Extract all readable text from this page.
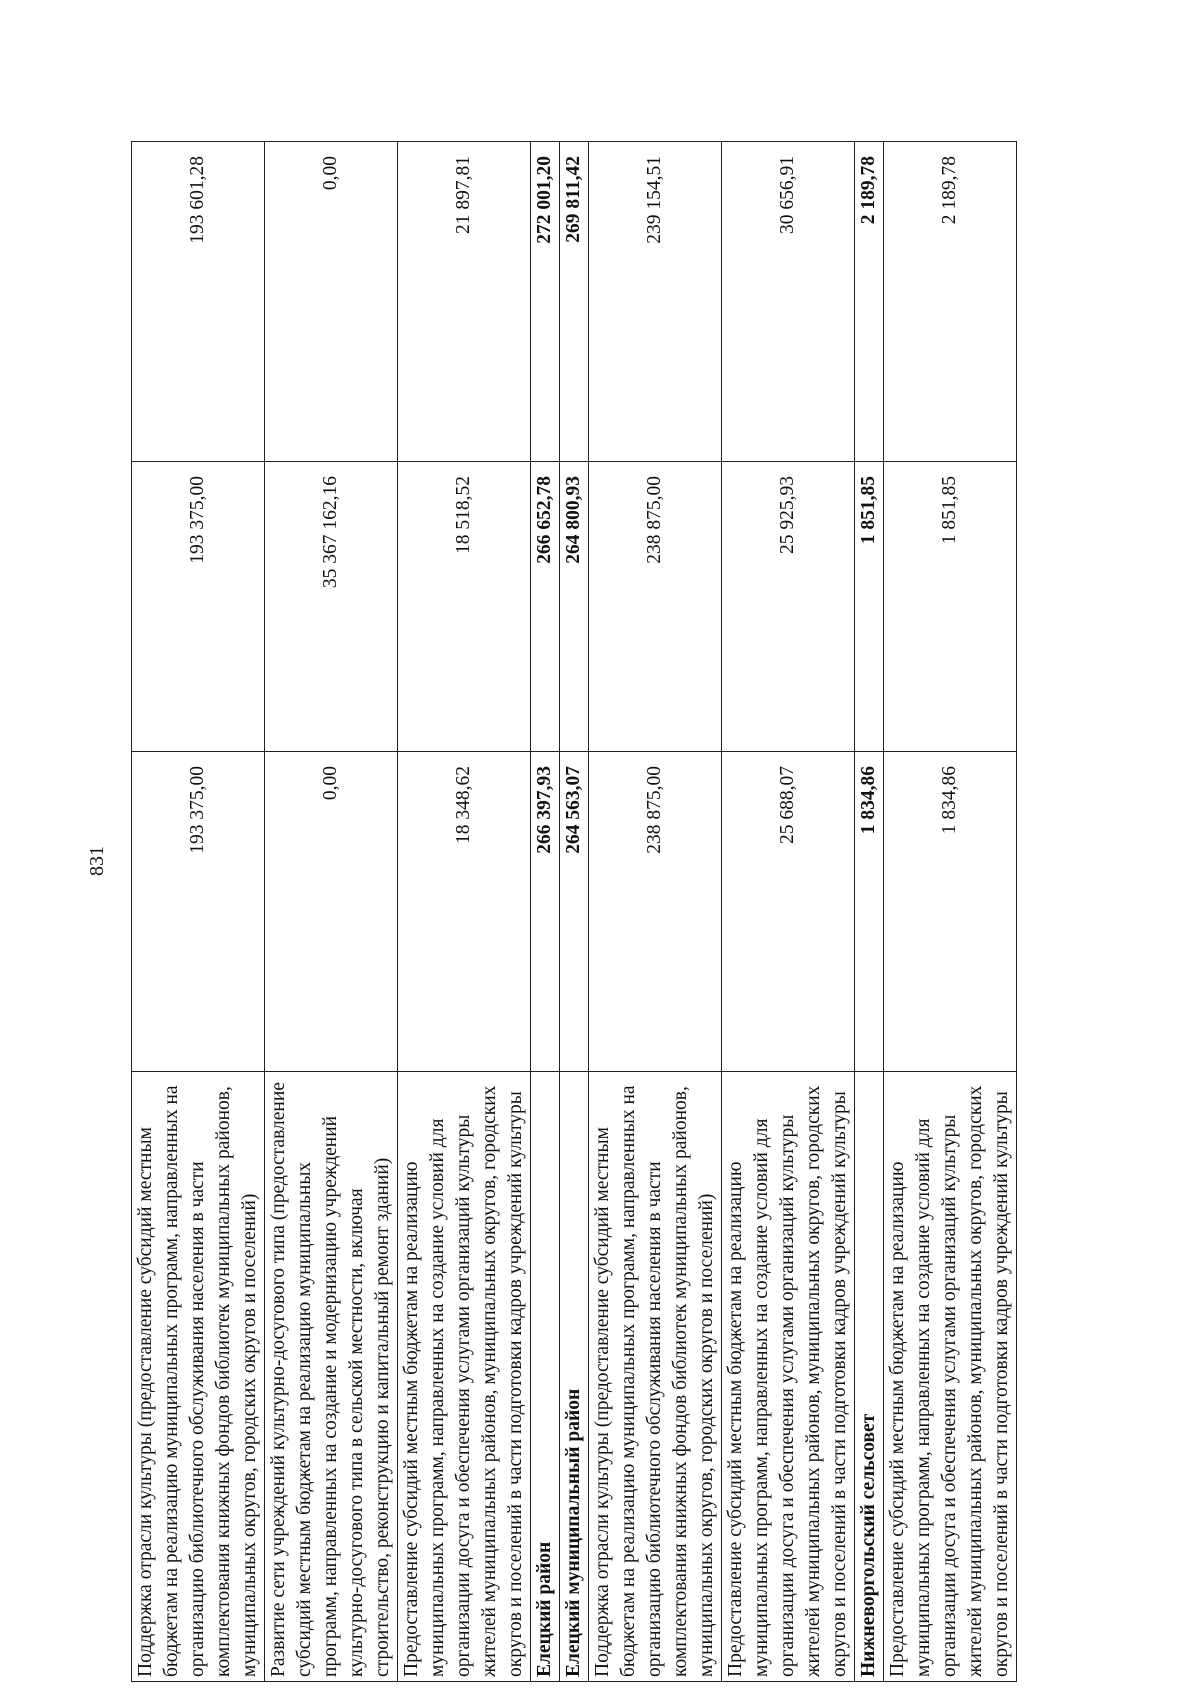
831
Поддержка отрасли культуры (предоставление субсидий местным бюджетам на реализацию муниципальных программ, направленных на организацию библиотечного обслуживания населения в части комплектования книжных фондов библиотек муниципальных районов, муниципальных округов, городских округов и поселений)	193 375,00	193 375,00	193 601,28
Развитие сети учреждений культурно-досугового типа (предоставление субсидий местным бюджетам на реализацию муниципальных программ, направленных на создание и модернизацию учреждений культурно-досугового типа в сельской местности, включая строительство, реконструкцию и капитальный ремонт зданий)	0,00	35 367 162,16	0,00
Предоставление субсидий местным бюджетам на реализацию муниципальных программ, направленных на создание условий для организации досуга и обеспечения услугами организаций культуры жителей муниципальных районов, муниципальных округов, городских округов и поселений в части подготовки кадров учреждений культуры	18 348,62	18 518,52	21 897,81
Елецкий район	266 397,93	266 652,78	272 001,20
Елецкий муниципальный район	264 563,07	264 800,93	269 811,42
Поддержка отрасли культуры (предоставление субсидий местным бюджетам на реализацию муниципальных программ, направленных на организацию библиотечного обслуживания населения в части комплектования книжных фондов библиотек муниципальных районов, муниципальных округов, городских округов и поселений)	238 875,00	238 875,00	239 154,51
Предоставление субсидий местным бюджетам на реализацию муниципальных программ, направленных на создание условий для организации досуга и обеспечения услугами организаций культуры жителей муниципальных районов, муниципальных округов, городских округов и поселений в части подготовки кадров учреждений культуры	25 688,07	25 925,93	30 656,91
Нижневоргольский сельсовет	1 834,86	1 851,85	2 189,78
Предоставление субсидий местным бюджетам на реализацию муниципальных программ, направленных на создание условий для организации досуга и обеспечения услугами организаций культуры жителей муниципальных районов, муниципальных округов, городских округов и поселений в части подготовки кадров учреждений культуры	1 834,86	1 851,85	2 189,78
